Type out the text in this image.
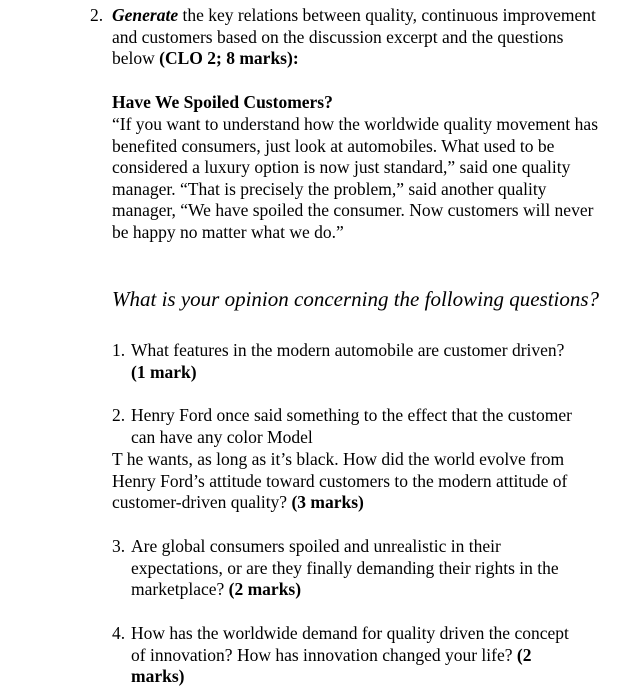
2. Generate the key relations between quality, continuous improvement and customers based on the discussion excerpt and the questions below (CLO 2; 8 marks):
Have We Spoiled Customers?
“If you want to understand how the worldwide quality movement has benefited consumers, just look at automobiles. What used to be considered a luxury option is now just standard,” said one quality manager. “That is precisely the problem,” said another quality manager, “We have spoiled the consumer. Now customers will never be happy no matter what we do.”
What is your opinion concerning the following questions?
1. What features in the modern automobile are customer driven? (1 mark)
2. Henry Ford once said something to the effect that the customer can have any color Model
T he wants, as long as it’s black. How did the world evolve from Henry Ford’s attitude toward customers to the modern attitude of customer-driven quality? (3 marks)
3. Are global consumers spoiled and unrealistic in their expectations, or are they finally demanding their rights in the marketplace? (2 marks)
4. How has the worldwide demand for quality driven the concept of innovation? How has innovation changed your life? (2 marks)
